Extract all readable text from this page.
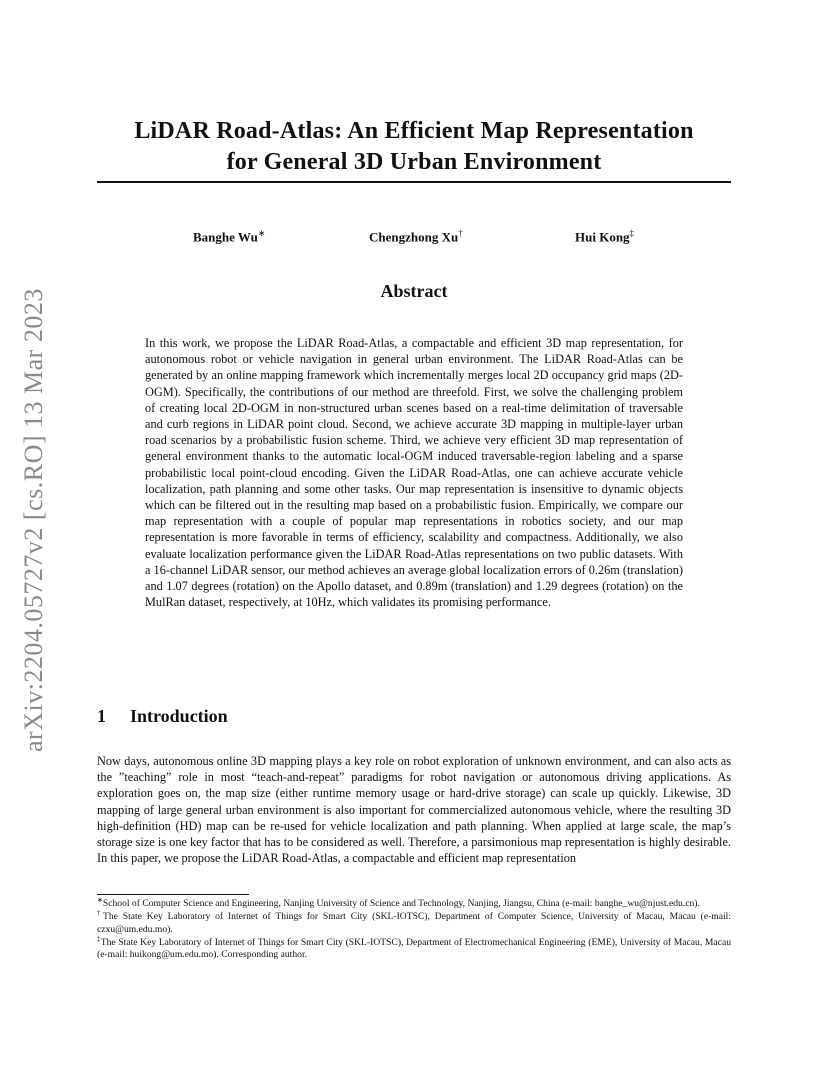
arXiv:2204.05727v2 [cs.RO] 13 Mar 2023
LiDAR Road-Atlas: An Efficient Map Representation
for General 3D Urban Environment
Banghe Wu∗	Chengzhong Xu†	Hui Kong‡
Abstract
In this work, we propose the LiDAR Road-Atlas, a compactable and efficient 3D map representation, for autonomous robot or vehicle navigation in general urban environment. The LiDAR Road-Atlas can be generated by an online mapping framework which incrementally merges local 2D occupancy grid maps (2D-OGM). Specifically, the contributions of our method are threefold. First, we solve the challenging problem of creating local 2D-OGM in non-structured urban scenes based on a real-time delimitation of traversable and curb regions in LiDAR point cloud. Second, we achieve accurate 3D mapping in multiple-layer urban road scenarios by a probabilistic fusion scheme. Third, we achieve very efficient 3D map representation of general environment thanks to the automatic local-OGM induced traversable-region labeling and a sparse probabilistic local point-cloud encoding. Given the LiDAR Road-Atlas, one can achieve accurate vehicle localization, path planning and some other tasks. Our map representation is insensitive to dynamic objects which can be filtered out in the resulting map based on a probabilistic fusion. Empirically, we compare our map representation with a couple of popular map representations in robotics society, and our map representation is more favorable in terms of efficiency, scalability and compactness. Additionally, we also evaluate localization performance given the LiDAR Road-Atlas representations on two public datasets. With a 16-channel LiDAR sensor, our method achieves an average global localization errors of 0.26m (translation) and 1.07 degrees (rotation) on the Apollo dataset, and 0.89m (translation) and 1.29 degrees (rotation) on the MulRan dataset, respectively, at 10Hz, which validates its promising performance.
1 Introduction
Now days, autonomous online 3D mapping plays a key role on robot exploration of unknown environment, and can also acts as the ”teaching” role in most “teach-and-repeat” paradigms for robot navigation or autonomous driving applications. As exploration goes on, the map size (either runtime memory usage or hard-drive storage) can scale up quickly. Likewise, 3D mapping of large general urban environment is also important for commercialized autonomous vehicle, where the resulting 3D high-definition (HD) map can be re-used for vehicle localization and path planning. When applied at large scale, the map’s storage size is one key factor that has to be considered as well. Therefore, a parsimonious map representation is highly desirable. In this paper, we propose the LiDAR Road-Atlas, a compactable and efficient map representation
∗School of Computer Science and Engineering, Nanjing University of Science and Technology, Nanjing, Jiangsu, China (e-mail: banghe_wu@njust.edu.cn).
†The State Key Laboratory of Internet of Things for Smart City (SKL-IOTSC), Department of Computer Science, University of Macau, Macau (e-mail: czxu@um.edu.mo).
‡The State Key Laboratory of Internet of Things for Smart City (SKL-IOTSC), Department of Electromechanical Engineering (EME), University of Macau, Macau (e-mail: huikong@um.edu.mo). Corresponding author.
